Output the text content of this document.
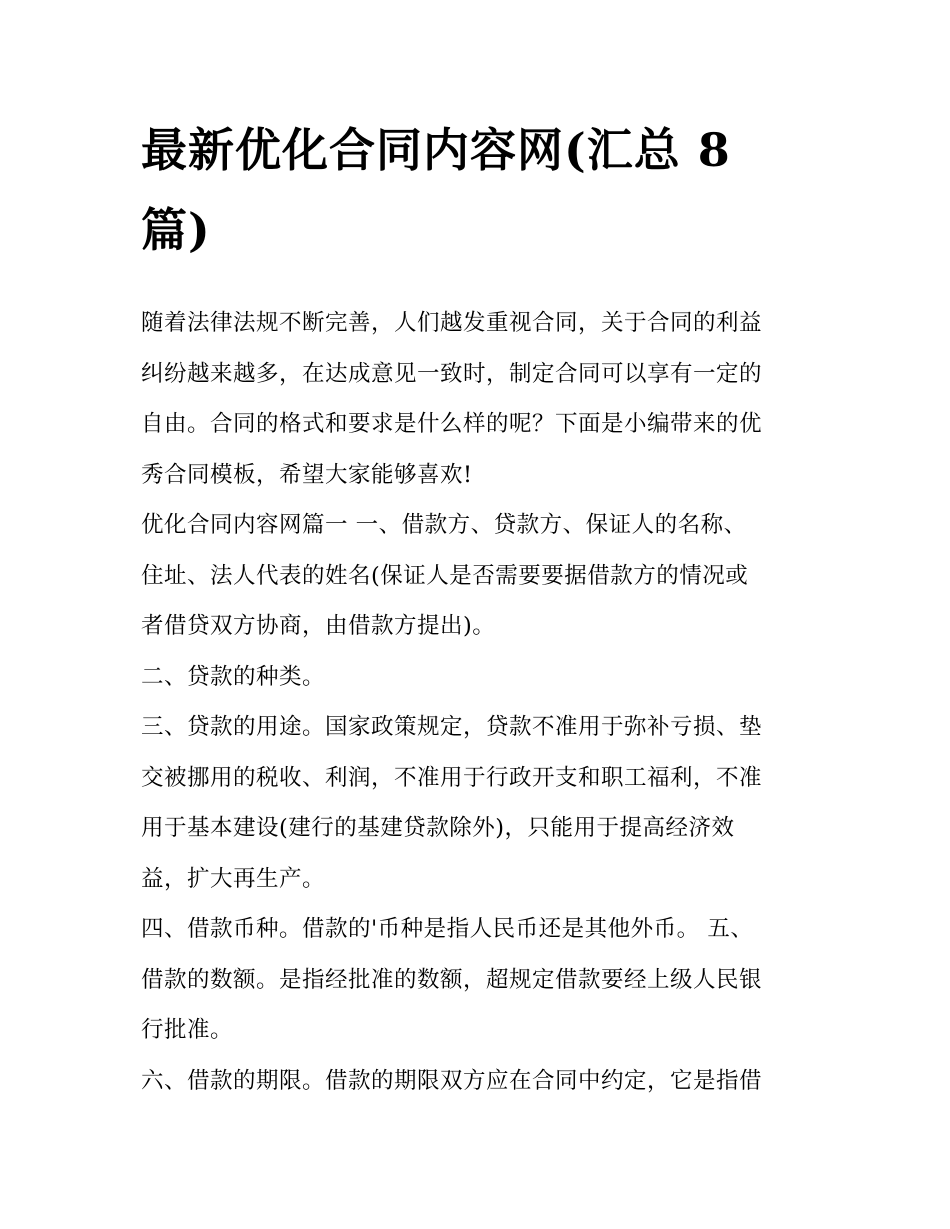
最新优化合同内容网(汇总 8
篇)

随着法律法规不断完善，人们越发重视合同，关于合同的利益

纠纷越来越多，在达成意见一致时，制定合同可以享有一定的

自由。合同的格式和要求是什么样的呢？下面是小编带来的优

秀合同模板，希望大家能够喜欢!

优化合同内容网篇一 一、借款方、贷款方、保证人的名称、

住址、法人代表的姓名(保证人是否需要要据借款方的情况或

者借贷双方协商，由借款方提出)。

二、贷款的种类。

三、贷款的用途。国家政策规定，贷款不准用于弥补亏损、垫

交被挪用的税收、利润，不准用于行政开支和职工福利，不准

用于基本建设(建行的基建贷款除外)，只能用于提高经济效

益，扩大再生产。

四、借款币种。借款的'币种是指人民币还是其他外币。 五、

借款的数额。是指经批准的数额，超规定借款要经上级人民银

行批准。

六、借款的期限。借款的期限双方应在合同中约定，它是指借
